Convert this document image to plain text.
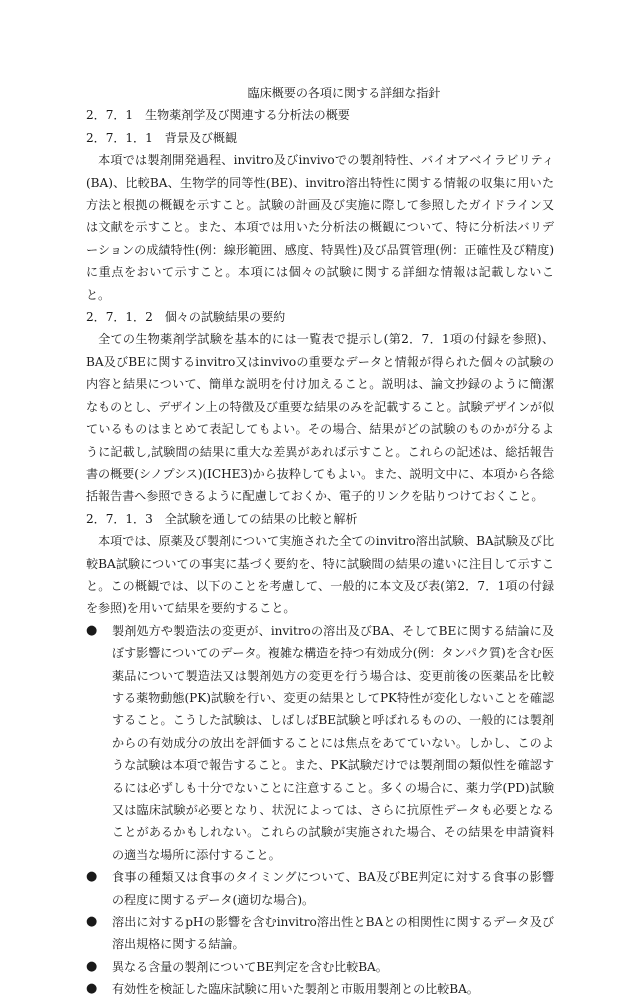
臨床概要の各項に関する詳細な指針
2．7．1　生物薬剤学及び関連する分析法の概要
2．7．1．1　背景及び概観

本項では製剤開発過程、invitro及びinvivoでの製剤特性、バイオアベイラビリティ(BA)、比較BA、生物学的同等性(BE)、invitro溶出特性に関する情報の収集に用いた方法と根拠の概観を示すこと。試験の計画及び実施に際して参照したガイドライン又は文献を示すこと。また、本項では用いた分析法の概観について、特に分析法バリデーションの成績特性(例：線形範囲、感度、特異性)及び品質管理(例：正確性及び精度)に重点をおいて示すこと。本項には個々の試験に関する詳細な情報は記載しないこと。

2．7．1．2　個々の試験結果の要約

全ての生物薬剤学試験を基本的には一覧表で提示し(第2．7．1項の付録を参照)、BA及びBEに関するinvitro又はinvivoの重要なデータと情報が得られた個々の試験の内容と結果について、簡単な説明を付け加えること。説明は、論文抄録のように簡潔なものとし、デザイン上の特徴及び重要な結果のみを記載すること。試験デザインが似ているものはまとめて表記してもよい。その場合、結果がどの試験のものかが分るように記載し,試験間の結果に重大な差異があれば示すこと。これらの記述は、総括報告書の概要(シノプシス)(ICHE3)から抜粋してもよい。また、説明文中に、本項から各総括報告書へ参照できるように配慮しておくか、電子的リンクを貼りつけておくこと。

2．7．1．3　全試験を通しての結果の比較と解析

本項では、原薬及び製剤について実施された全てのinvitro溶出試験、BA試験及び比較BA試験についての事実に基づく要約を、特に試験間の結果の違いに注目して示すこと。この概観では、以下のことを考慮して、一般的に本文及び表(第2．7．1項の付録を参照)を用いて結果を要約すること。

● 製剤処方や製造法の変更が、invitroの溶出及びBA、そしてBEに関する結論に及ぼす影響についてのデータ。複雑な構造を持つ有効成分(例：タンパク質)を含む医薬品について製造法又は製剤処方の変更を行う場合は、変更前後の医薬品を比較する薬物動態(PK)試験を行い、変更の結果としてPK特性が変化しないことを確認すること。こうした試験は、しばしばBE試験と呼ばれるものの、一般的には製剤からの有効成分の放出を評価することには焦点をあてていない。しかし、このような試験は本項で報告すること。また、PK試験だけでは製剤間の類似性を確認するには必ずしも十分でないことに注意すること。多くの場合に、薬力学(PD)試験又は臨床試験が必要となり、状況によっては、さらに抗原性データも必要となることがあるかもしれない。これらの試験が実施された場合、その結果を申請資料の適当な場所に添付すること。
● 食事の種類又は食事のタイミングについて、BA及びBE判定に対する食事の影響の程度に関するデータ(適切な場合)。
● 溶出に対するpHの影響を含むinvitro溶出性とBAとの相関性に関するデータ及び溶出規格に関する結論。
● 異なる含量の製剤についてBE判定を含む比較BA。
● 有効性を検証した臨床試験に用いた製剤と市販用製剤との比較BA。
